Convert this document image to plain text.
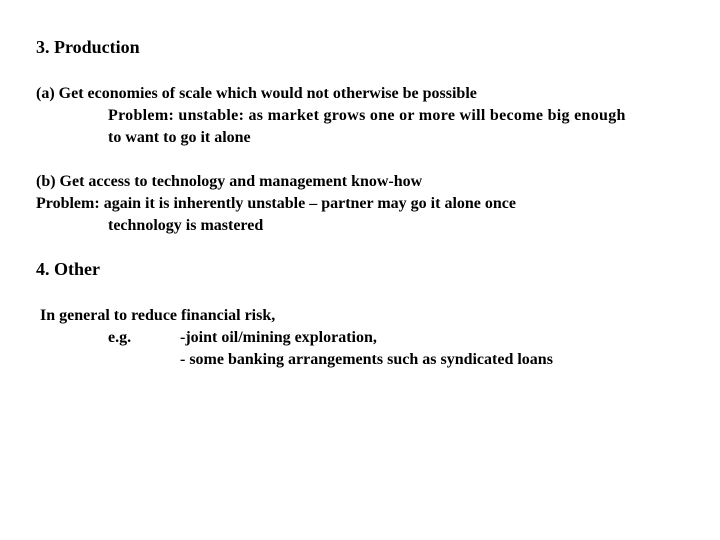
3. Production
(a) Get economies of scale which would not otherwise be possible
Problem: unstable: as market grows one or more will become big enough
to want to go it alone
(b) Get access to technology and management know-how
Problem: again it is inherently unstable – partner may go it alone once
technology is mastered
4. Other
In general to reduce financial risk,
e.g.	-joint oil/mining exploration,
- some banking arrangements such as syndicated loans
